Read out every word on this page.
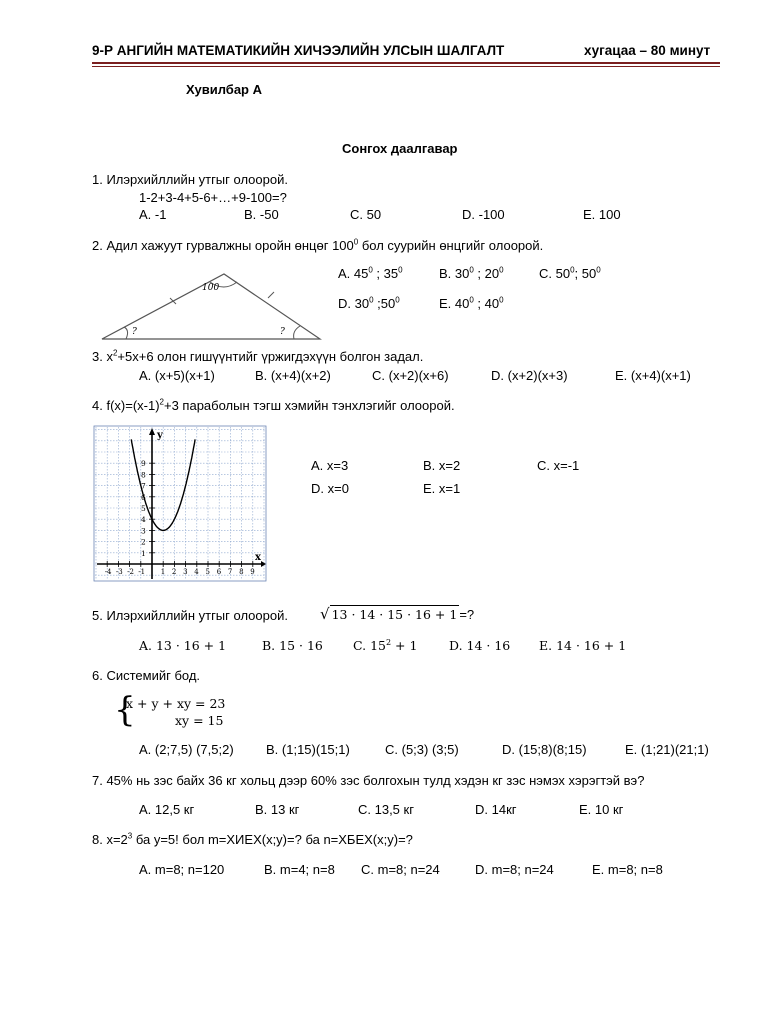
9-Р АНГИЙН МАТЕМАТИКИЙН ХИЧЭЭЛИЙН УЛСЫН ШАЛГАЛТ	хугацаа – 80 минут
Хувилбар А
Сонгох даалгавар
1. Илэрхийллийн утгыг олоорой.
1-2+3-4+5-6+…+9-100=?
A. -1	B. -50	C. 50	D. -100	E. 100
2. Адил хажуут гурвалжны оройн өнцөг $100^0$ бол суурийн өнцгийг олоорой.
100
?	?
A. $45^0$ ; $35^0$	B. $30^0$ ; $20^0$	C. $50^0$; $50^0$
D. $30^0$ $;50^0$	E. $40^0$ ; $40^0$
3. $x^2+5x+6$ олон гишүүнтийг үржигдэхүүн болгон задал.
A. (x+5)(x+1)	B. (x+4)(x+2)	C. (x+2)(x+6)	D. (x+2)(x+3)	E. (x+4)(x+1)
4. $f(x)=(x-1)^2+3$ параболын тэгш хэмийн тэнхлэгийг олоорой.
9
8
7
6
5
4
3
2
1
-4 -3 -2 -1 1 2 3 4 5 6 7 8 9
y
x
A. x=3	B. x=2	C. x=-1
D. x=0	E. x=1
5. Илэрхийллийн утгыг олоорой. √ 13 · 14 · 15 · 16 + 1 =?
A. 13 · 16 + 1	B. 15 · 16 C. $15^2 + 1$	D. 14 · 16 E. 14 · 16 + 1
6. Системийг бод.
{
x + y + xy = 23
xy = 15
A. (2;7,5) (7,5;2) B. (1;15)(15;1)	C. (5;3) (3;5)	D. (15;8)(8;15)	E. (1;21)(21;1)
7. 45% нь зэс байх 36 кг хольц дээр 60% зэс болгохын тулд хэдэн кг зэс нэмэх хэрэгтэй вэ?
A. 12,5 кг	B. 13 кг	C. 13,5 кг	D. 14кг	E. 10 кг
8. $x=2^3$ ба y=5! бол m=ХИЕХ(x;y)=? ба n=ХБЕХ(x;y)=?
A. m=8; n=120	B. m=4; n=8 C. m=8; n=24	D. m=8; n=24	E. m=8; n=8
